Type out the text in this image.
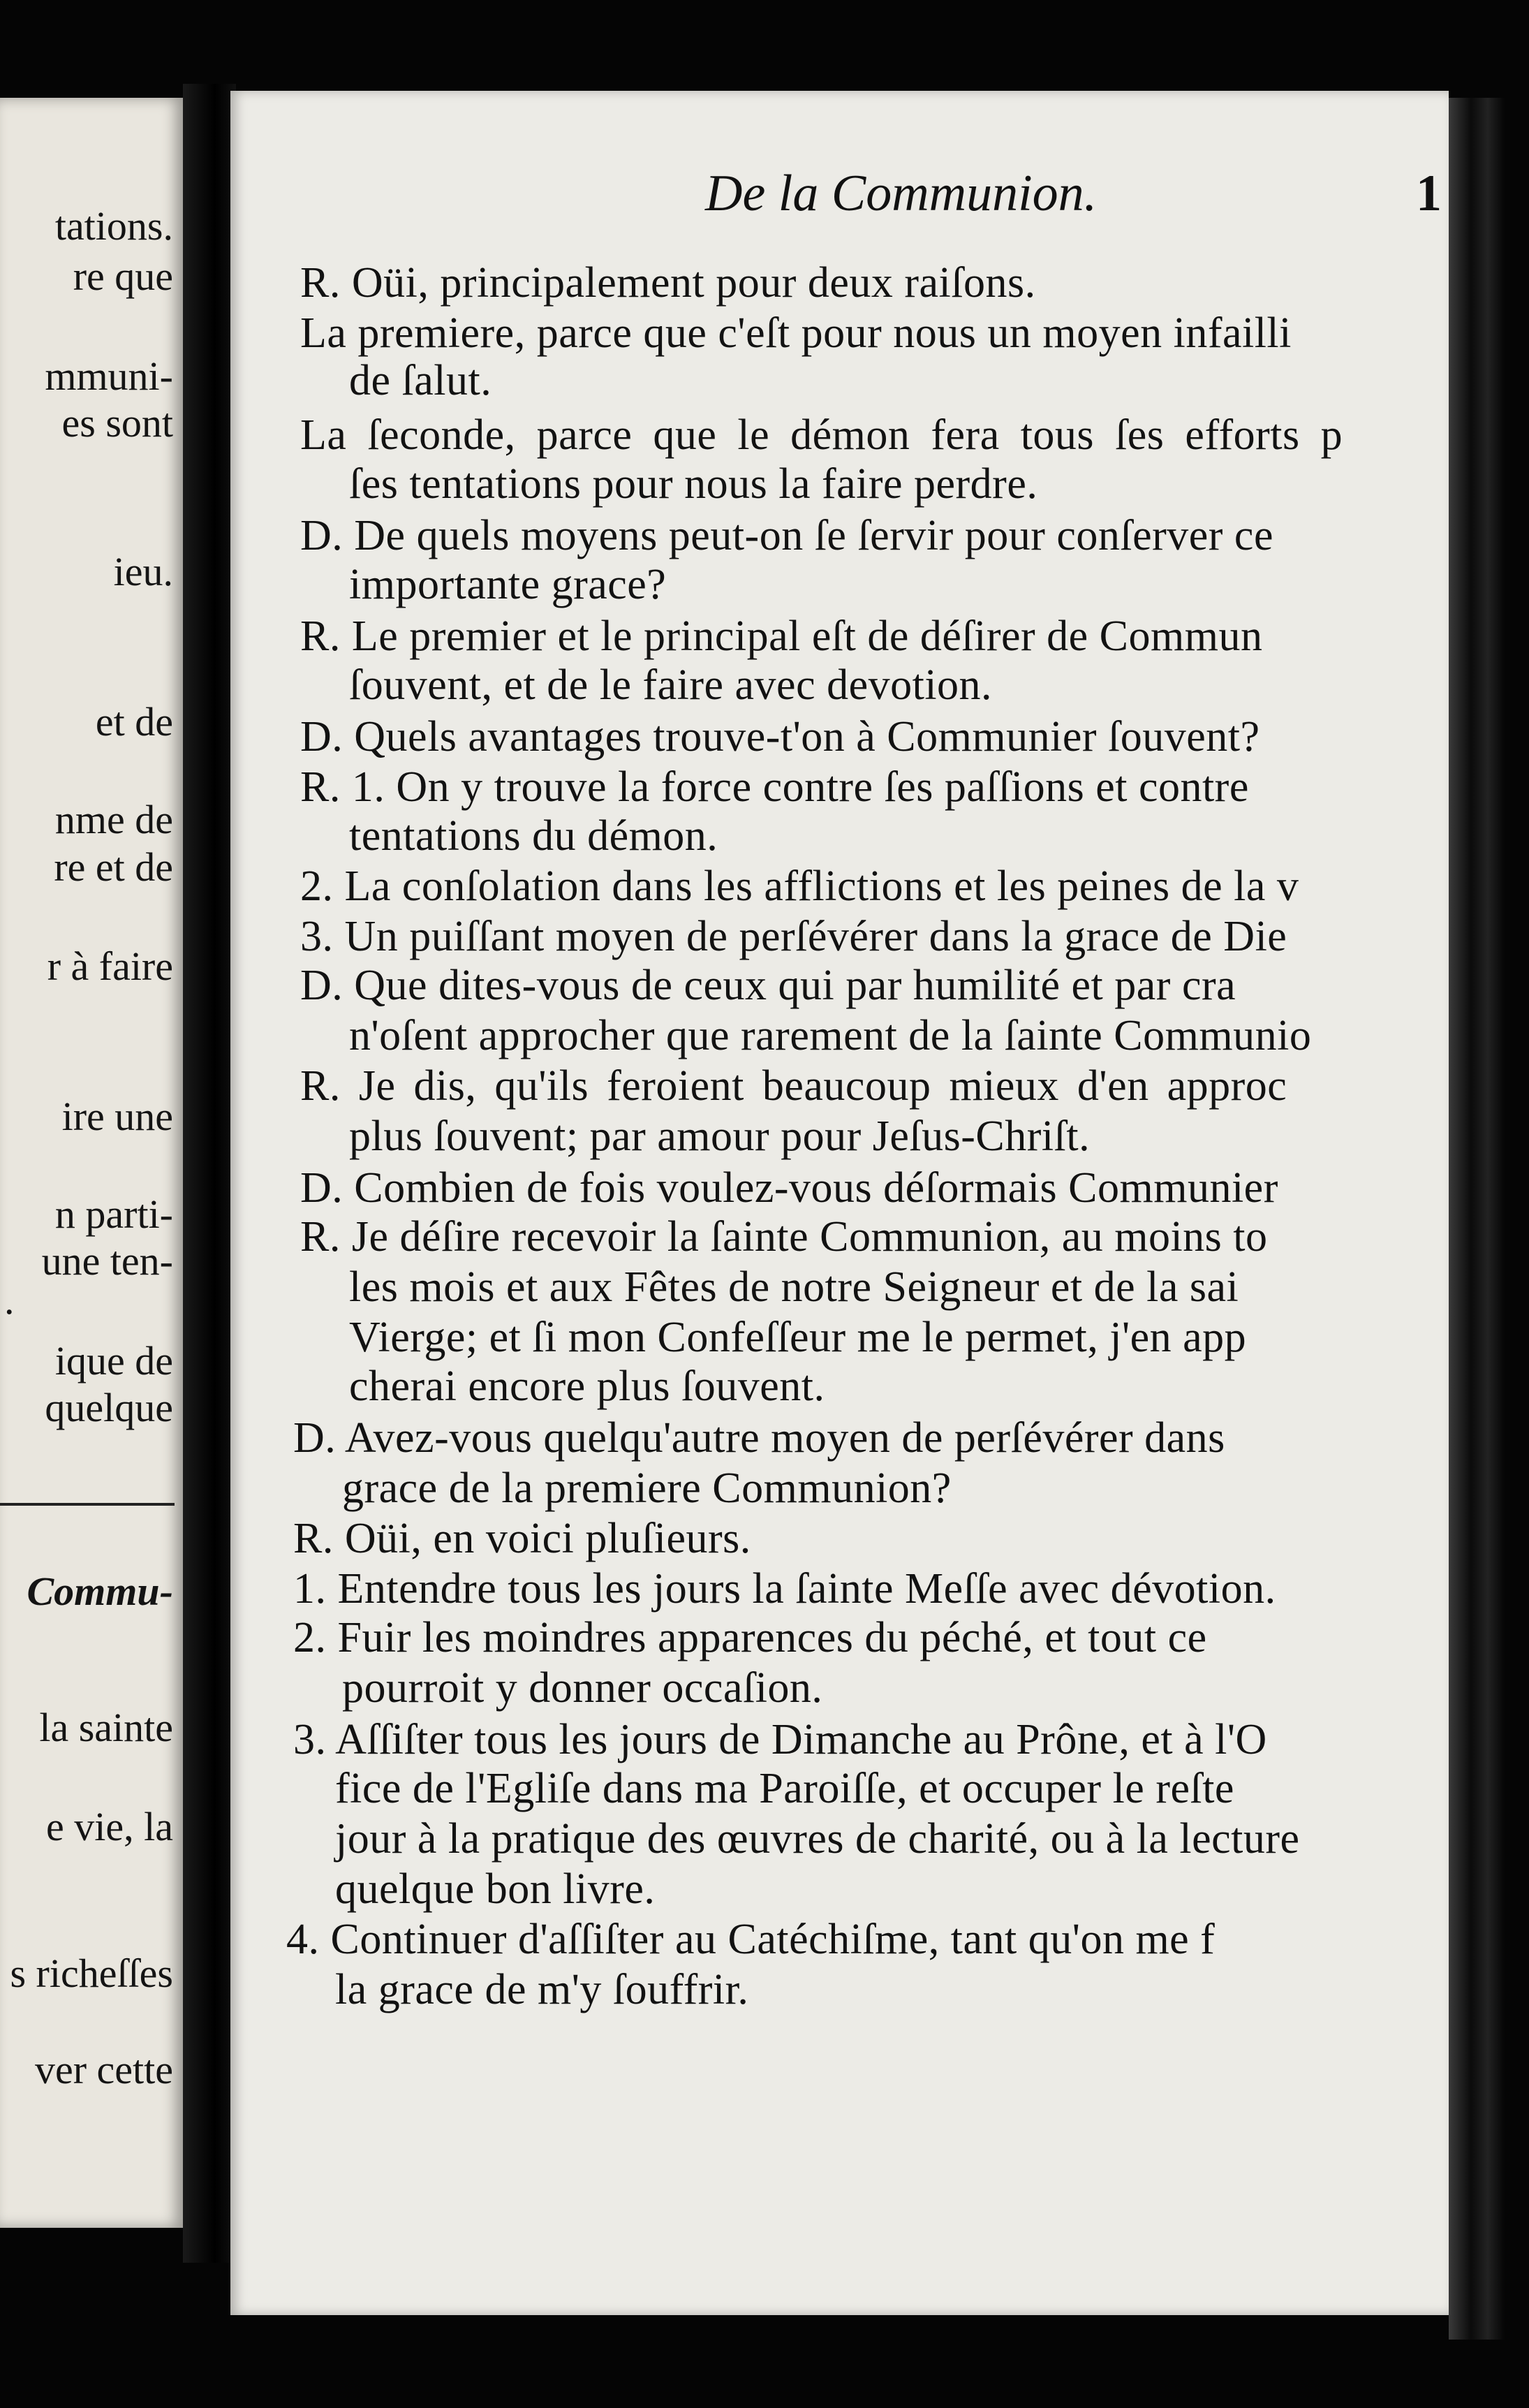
tations.
re que
mmuni-
es sont
ieu.
et de
nme de
re et de
r à faire
ire une
n parti-
une ten-
.
ique de
quelque
Commu-
la sainte
e vie, la
s richeſſes
ver cette
De la Communion.	1
R. Oüi, principalement pour deux raiſons.
La premiere, parce que c'eſt pour nous un moyen infailli
de ſalut.
La ſeconde, parce que le démon fera tous ſes efforts p
ſes tentations pour nous la faire perdre.
D. De quels moyens peut-on ſe ſervir pour conſerver ce
importante grace?
R. Le premier et le principal eſt de déſirer de Commun
ſouvent, et de le faire avec devotion.
D. Quels avantages trouve-t'on à Communier ſouvent?
R. 1. On y trouve la force contre ſes paſſions et contre
tentations du démon.
2. La conſolation dans les afflictions et les peines de la v
3. Un puiſſant moyen de perſévérer dans la grace de Die
D. Que dites-vous de ceux qui par humilité et par cra
n'oſent approcher que rarement de la ſainte Communio
R. Je dis, qu'ils feroient beaucoup mieux d'en approc
plus ſouvent; par amour pour Jeſus-Chriſt.
D. Combien de fois voulez-vous déſormais Communier
R. Je déſire recevoir la ſainte Communion, au moins to
les mois et aux Fêtes de notre Seigneur et de la sai
Vierge; et ſi mon Confeſſeur me le permet, j'en app
cherai encore plus ſouvent.
D. Avez-vous quelqu'autre moyen de perſévérer dans
grace de la premiere Communion?
R. Oüi, en voici pluſieurs.
1. Entendre tous les jours la ſainte Meſſe avec dévotion.
2. Fuir les moindres apparences du péché, et tout ce
pourroit y donner occaſion.
3. Aſſiſter tous les jours de Dimanche au Prône, et à l'O
fice de l'Egliſe dans ma Paroiſſe, et occuper le reſte
jour à la pratique des œuvres de charité, ou à la lecture
quelque bon livre.
4. Continuer d'aſſiſter au Catéchiſme, tant qu'on me f
la grace de m'y ſouffrir.
